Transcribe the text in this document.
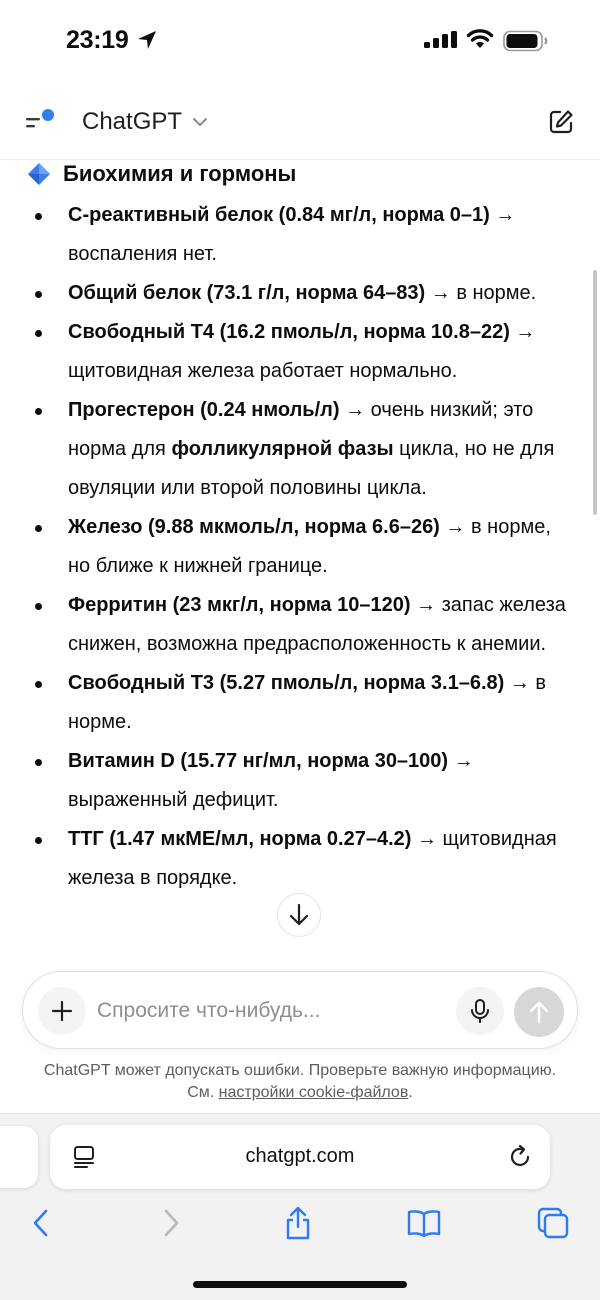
23:19
ChatGPT
Биохимия и гормоны
С-реактивный белок (0.84 мг/л, норма 0–1) → воспаления нет.
Общий белок (73.1 г/л, норма 64–83) → в норме.
Свободный Т4 (16.2 пмоль/л, норма 10.8–22) → щитовидная железа работает нормально.
Прогестерон (0.24 нмоль/л) → очень низкий; это норма для фолликулярной фазы цикла, но не для овуляции или второй половины цикла.
Железо (9.88 мкмоль/л, норма 6.6–26) → в норме, но ближе к нижней границе.
Ферритин (23 мкг/л, норма 10–120) → запас железа снижен, возможна предрасположенность к анемии.
Свободный Т3 (5.27 пмоль/л, норма 3.1–6.8) → в норме.
Витамин D (15.77 нг/мл, норма 30–100) → выраженный дефицит.
ТТГ (1.47 мкМЕ/мл, норма 0.27–4.2) → щитовидная железа в порядке.
Спросите что-нибудь...
ChatGPT может допускать ошибки. Проверьте важную информацию.
См. настройки cookie-файлов.
chatgpt.com
